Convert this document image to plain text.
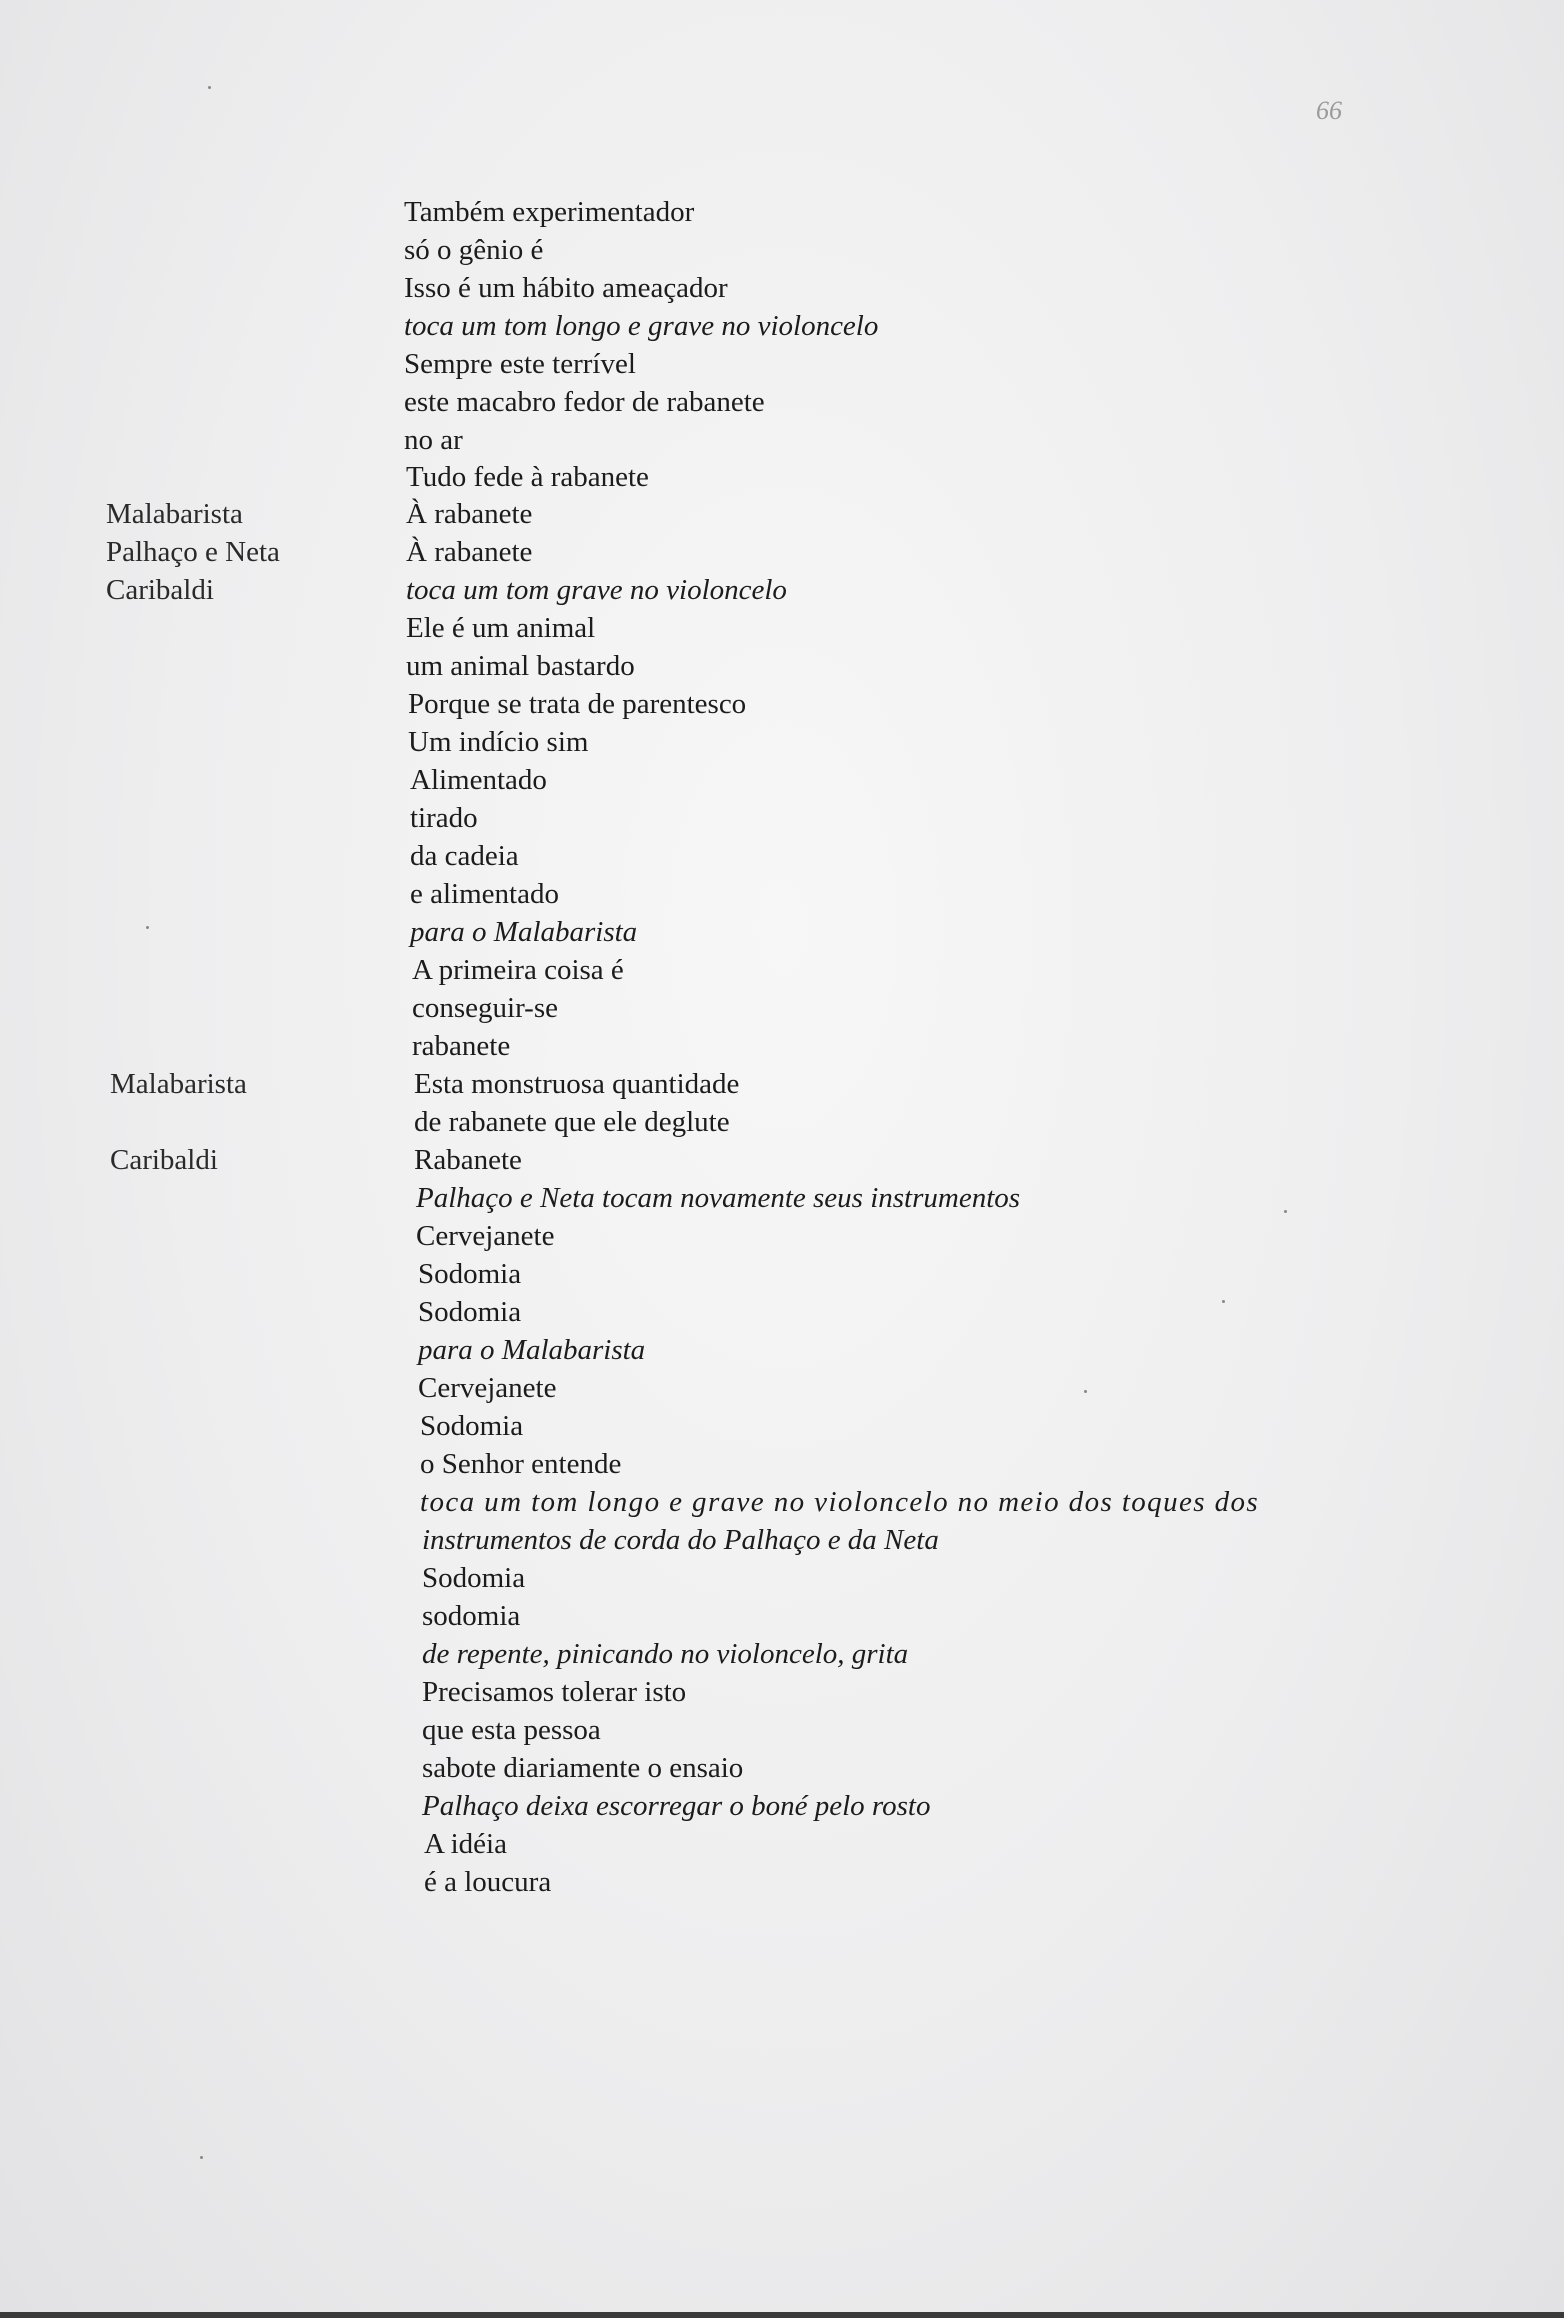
66
Malabarista
Palhaço e Neta
Caribaldi
Malabarista
Caribaldi
Também experimentador
só o gênio é
Isso é um hábito ameaçador
toca um tom longo e grave no violoncelo
Sempre este terrível
este macabro fedor de rabanete
no ar
Tudo fede à rabanete
À rabanete
À rabanete
toca um tom grave no violoncelo
Ele é um animal
um animal bastardo
Porque se trata de parentesco
Um indício sim
Alimentado
tirado
da cadeia
e alimentado
para o Malabarista
A primeira coisa é
conseguir-se
rabanete
Esta monstruosa quantidade
de rabanete que ele deglute
Rabanete
Palhaço e Neta tocam novamente seus instrumentos
Cervejanete
Sodomia
Sodomia
para o Malabarista
Cervejanete
Sodomia
o Senhor entende
toca um tom longo e grave no violoncelo no meio dos toques dos
instrumentos de corda do Palhaço e da Neta
Sodomia
sodomia
de repente, pinicando no violoncelo, grita
Precisamos tolerar isto
que esta pessoa
sabote diariamente o ensaio
Palhaço deixa escorregar o boné pelo rosto
A idéia
é a loucura
